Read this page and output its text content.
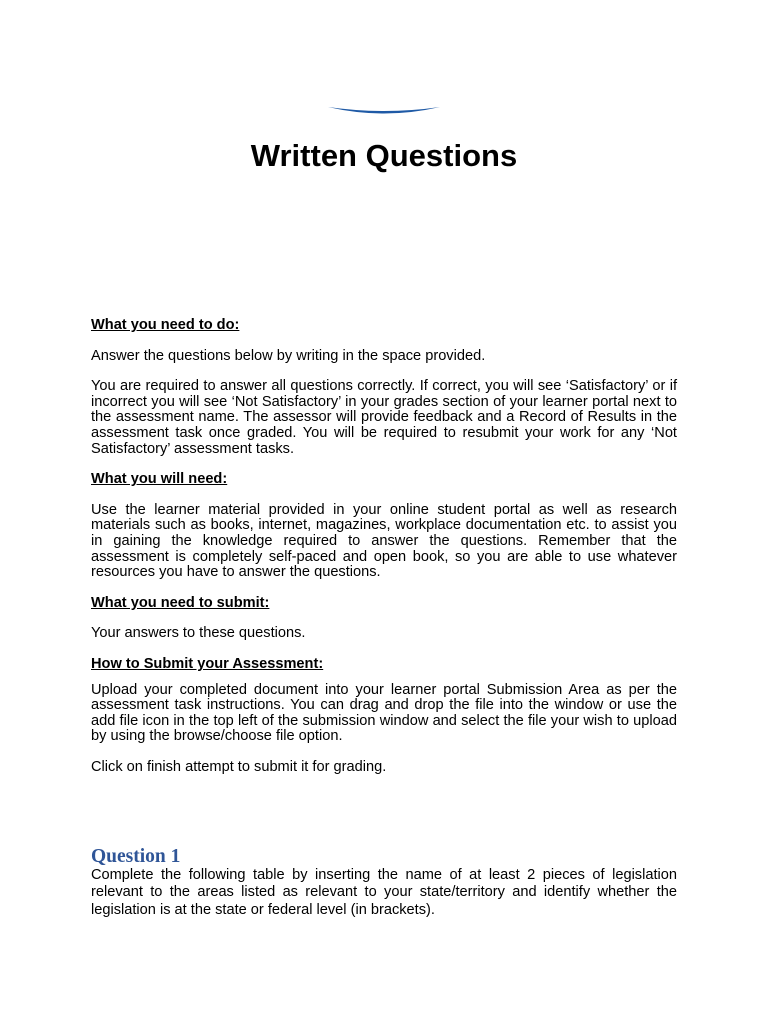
Written Questions

What you need to do:

Answer the questions below by writing in the space provided.

You are required to answer all questions correctly. If correct, you will see ‘Satisfactory’ or if incorrect you will see ‘Not Satisfactory’ in your grades section of your learner portal next to the assessment name. The assessor will provide feedback and a Record of Results in the assessment task once graded. You will be required to resubmit your work for any ‘Not Satisfactory’ assessment tasks.

What you will need:

Use the learner material provided in your online student portal as well as research materials such as books, internet, magazines, workplace documentation etc. to assist you in gaining the knowledge required to answer the questions. Remember that the assessment is completely self-paced and open book, so you are able to use whatever resources you have to answer the questions.

What you need to submit:

Your answers to these questions.

How to Submit your Assessment:

Upload your completed document into your learner portal Submission Area as per the assessment task instructions. You can drag and drop the file into the window or use the add file icon in the top left of the submission window and select the file your wish to upload by using the browse/choose file option.

Click on finish attempt to submit it for grading.

Question 1

Complete the following table by inserting the name of at least 2 pieces of legislation relevant to the areas listed as relevant to your state/territory and identify whether the legislation is at the state or federal level (in brackets).
